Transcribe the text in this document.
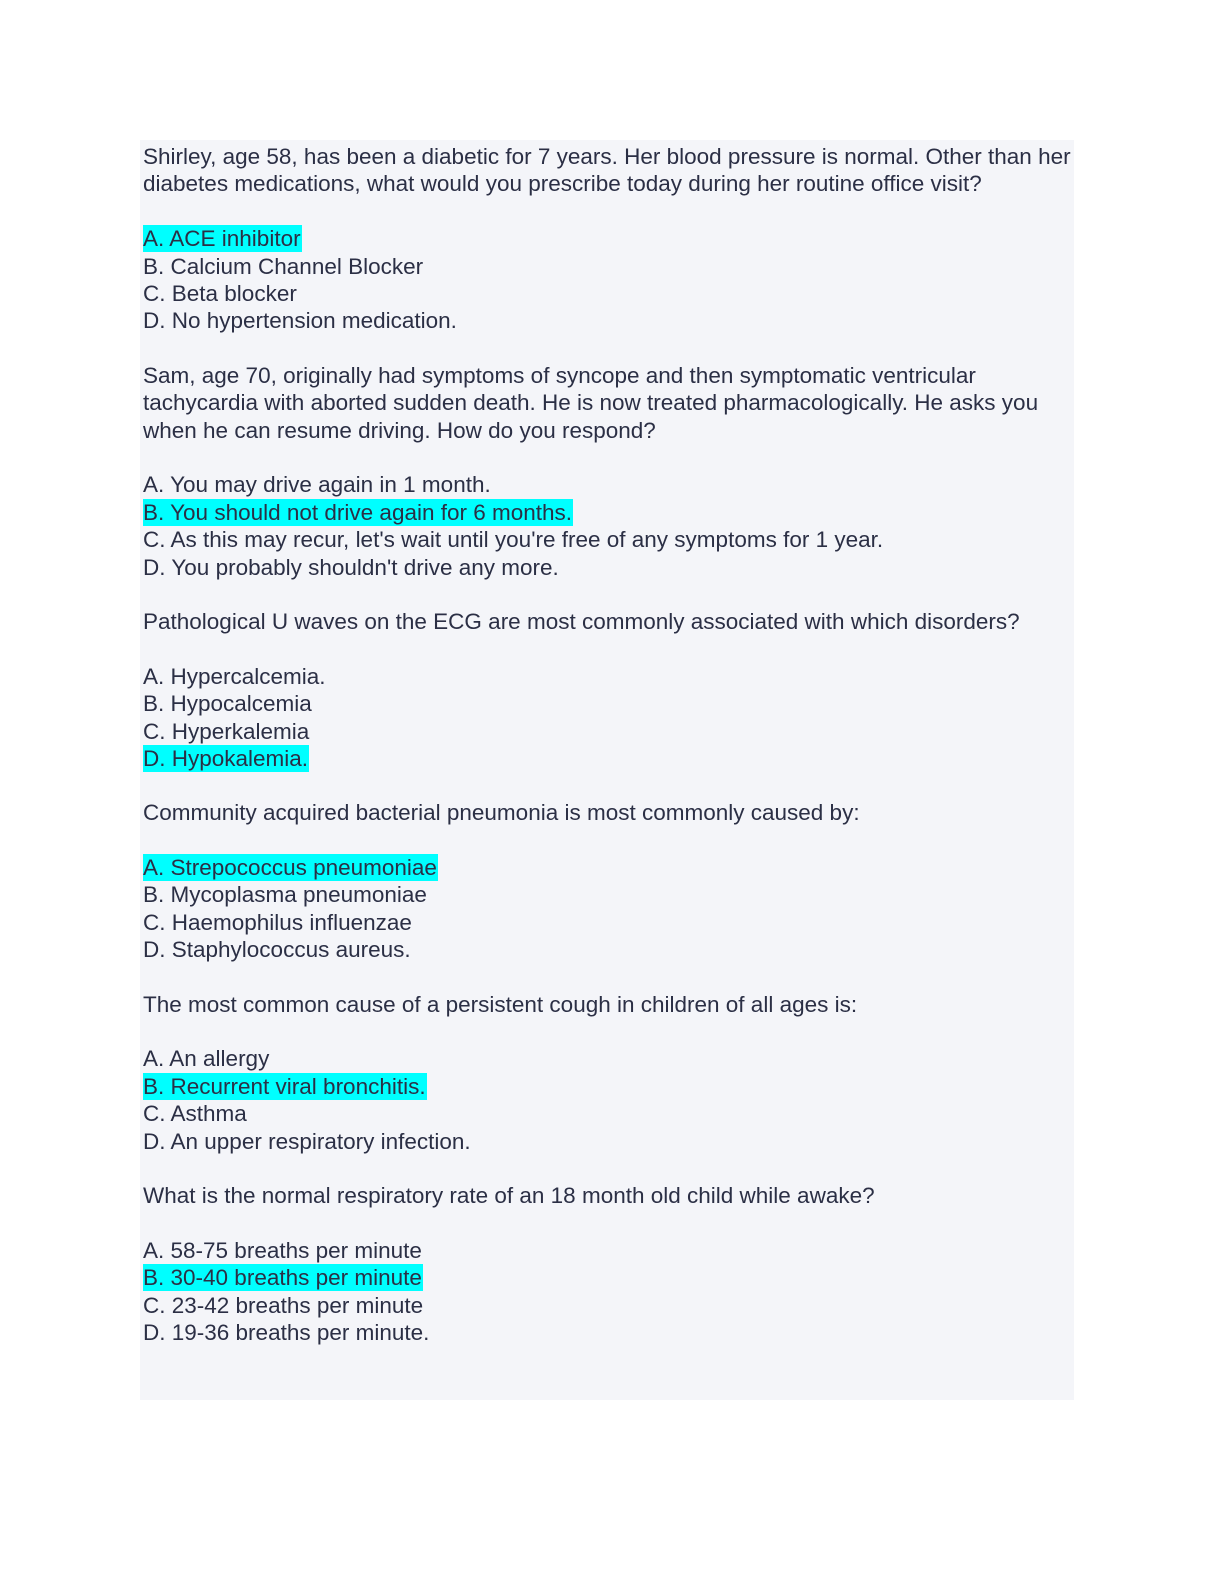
Shirley, age 58, has been a diabetic for 7 years. Her blood pressure is normal. Other than her diabetes medications, what would you prescribe today during her routine office visit?

A. ACE inhibitor
B. Calcium Channel Blocker
C. Beta blocker
D. No hypertension medication.

Sam, age 70, originally had symptoms of syncope and then symptomatic ventricular tachycardia with aborted sudden death. He is now treated pharmacologically. He asks you when he can resume driving. How do you respond?

A. You may drive again in 1 month.
B. You should not drive again for 6 months.
C. As this may recur, let's wait until you're free of any symptoms for 1 year.
D. You probably shouldn't drive any more.

Pathological U waves on the ECG are most commonly associated with which disorders?

A. Hypercalcemia.
B. Hypocalcemia
C. Hyperkalemia
D. Hypokalemia.

Community acquired bacterial pneumonia is most commonly caused by:

A. Strepococcus pneumoniae
B. Mycoplasma pneumoniae
C. Haemophilus influenzae
D. Staphylococcus aureus.

The most common cause of a persistent cough in children of all ages is:

A. An allergy
B. Recurrent viral bronchitis.
C. Asthma
D. An upper respiratory infection.

What is the normal respiratory rate of an 18 month old child while awake?

A. 58-75 breaths per minute
B. 30-40 breaths per minute
C. 23-42 breaths per minute
D. 19-36 breaths per minute.
